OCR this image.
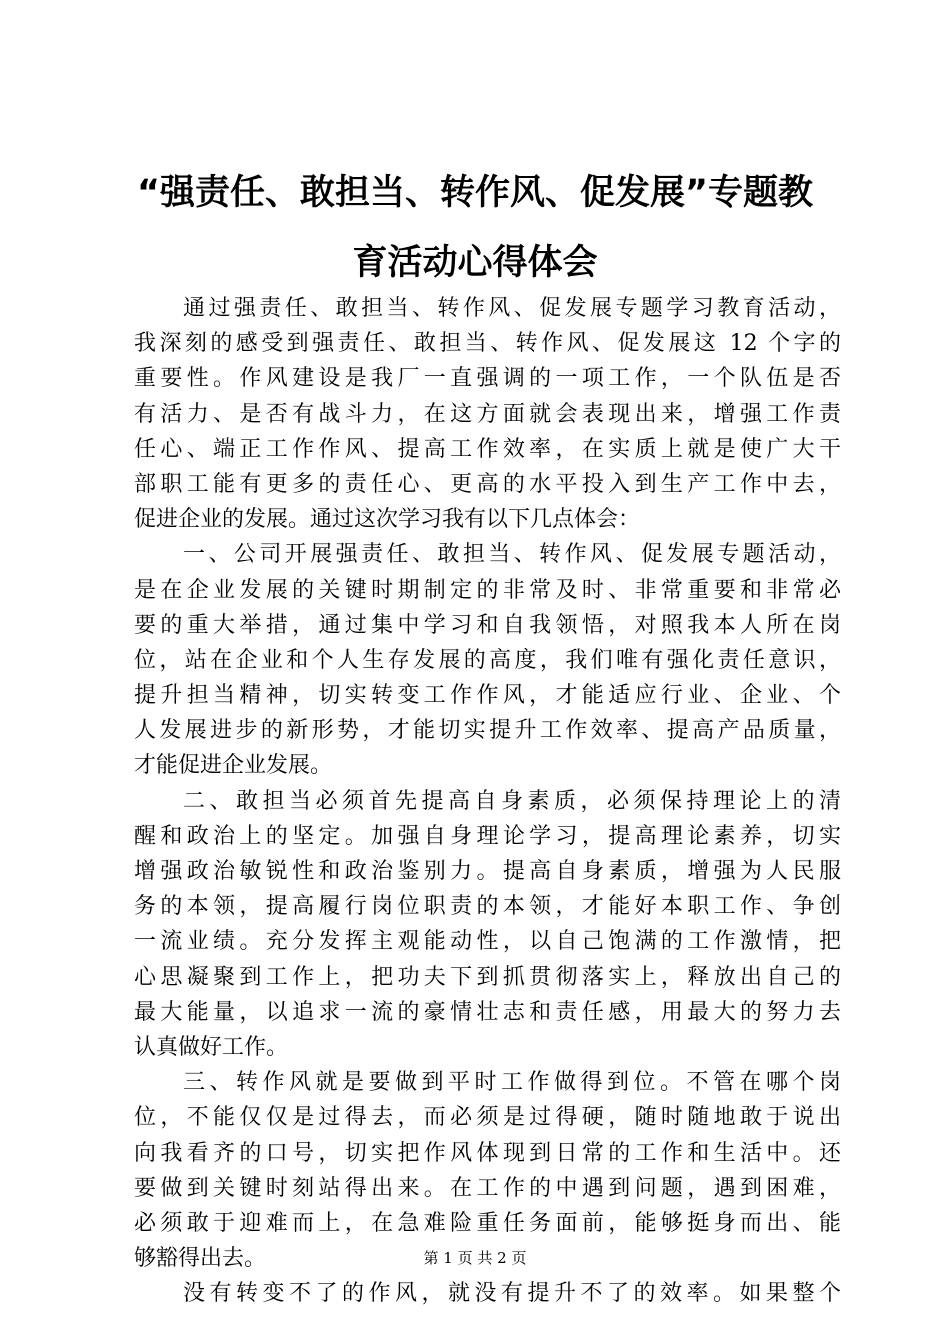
“强责任、敢担当、转作风、促发展”专题教
育活动心得体会
通过强责任、敢担当、转作风、促发展专题学习教育活动，
我深刻的感受到强责任、敢担当、转作风、促发展这 12 个字的
重要性。作风建设是我厂一直强调的一项工作，一个队伍是否
有活力、是否有战斗力，在这方面就会表现出来，增强工作责
任心、端正工作作风、提高工作效率，在实质上就是使广大干
部职工能有更多的责任心、更高的水平投入到生产工作中去，
促进企业的发展。通过这次学习我有以下几点体会：
一、公司开展强责任、敢担当、转作风、促发展专题活动，
是在企业发展的关键时期制定的非常及时、非常重要和非常必
要的重大举措，通过集中学习和自我领悟，对照我本人所在岗
位，站在企业和个人生存发展的高度，我们唯有强化责任意识，
提升担当精神，切实转变工作作风，才能适应行业、企业、个
人发展进步的新形势，才能切实提升工作效率、提高产品质量，
才能促进企业发展。
二、敢担当必须首先提高自身素质，必须保持理论上的清
醒和政治上的坚定。加强自身理论学习，提高理论素养，切实
增强政治敏锐性和政治鉴别力。提高自身素质，增强为人民服
务的本领，提高履行岗位职责的本领，才能好本职工作、争创
一流业绩。充分发挥主观能动性，以自己饱满的工作激情，把
心思凝聚到工作上，把功夫下到抓贯彻落实上，释放出自己的
最大能量，以追求一流的豪情壮志和责任感，用最大的努力去
认真做好工作。
三、转作风就是要做到平时工作做得到位。不管在哪个岗
位，不能仅仅是过得去，而必须是过得硬，随时随地敢于说出
向我看齐的口号，切实把作风体现到日常的工作和生活中。还
要做到关键时刻站得出来。在工作的中遇到问题，遇到困难，
必须敢于迎难而上，在急难险重任务面前，能够挺身而出、能
够豁得出去。
没有转变不了的作风，就没有提升不了的效率。如果整个
第 1 页 共 2 页
